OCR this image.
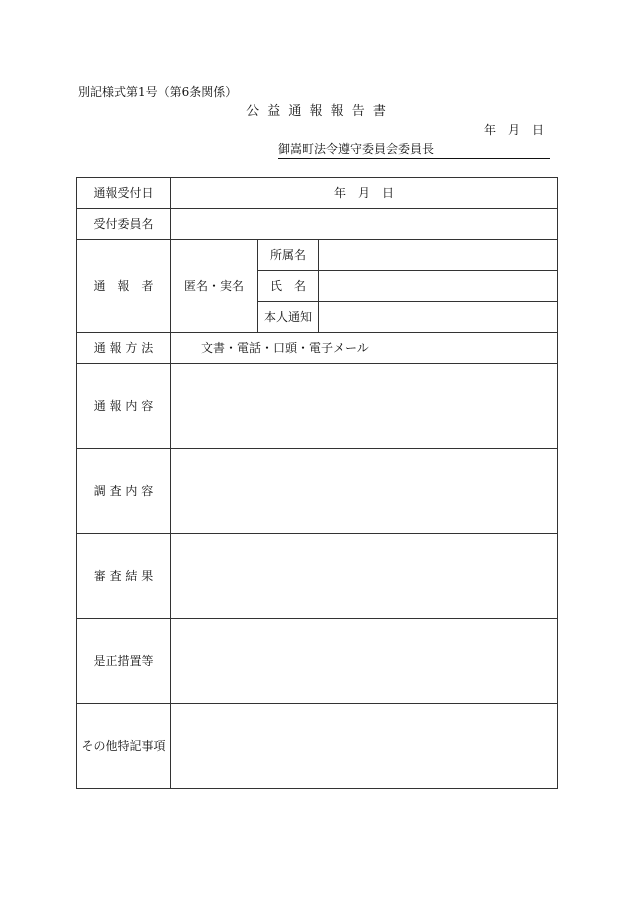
別記様式第1号（第6条関係）
公 益 通 報 報 告 書
年　月　日
御嵩町法令遵守委員会委員長
通報受付日	年　月　日		
受付委員名			
通　報　者	匿名・実名	所属名	
		氏　名	
		本人通知	
通 報 方 法	文書・電話・口頭・電子メール		
通 報 内 容			
調 査 内 容			
審 査 結 果			
是正措置等			
その他特記事項			
